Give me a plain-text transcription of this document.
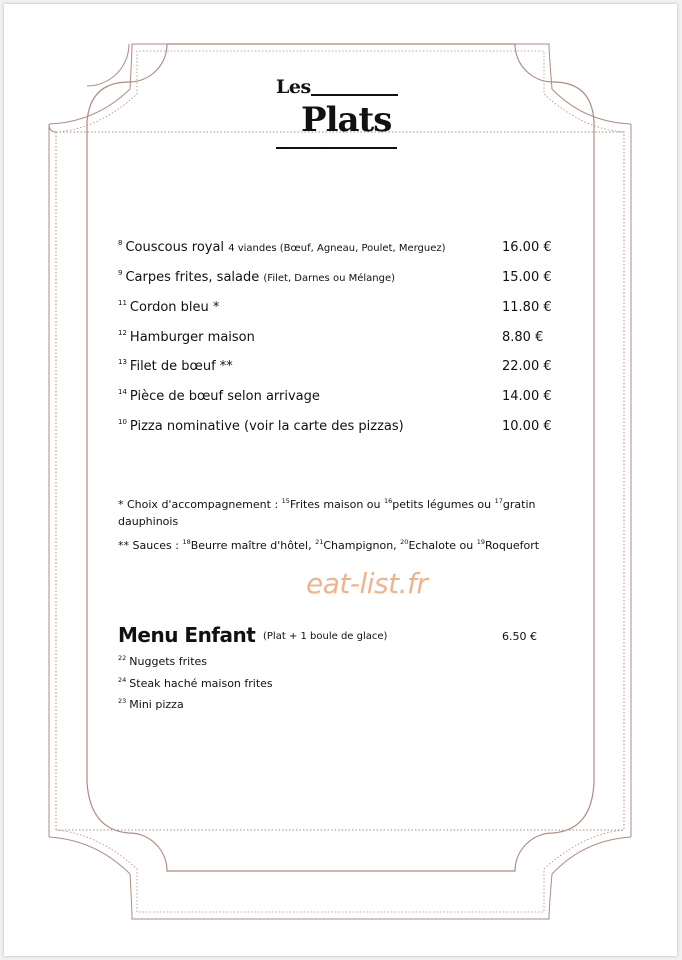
Les
Plats
$^8$ Couscous royal 4 viandes (Bœuf, Agneau, Poulet, Merguez)	16.00 €
$^9$ Carpes frites, salade (Filet, Darnes ou Mélange)	15.00 €
$^{11}$ Cordon bleu *	11.80 €
$^{12}$ Hamburger maison	8.80 €
$^{13}$ Filet de bœuf **	22.00 €
$^{14}$ Pièce de bœuf selon arrivage	14.00 €
$^{10}$ Pizza nominative (voir la carte des pizzas)	10.00 €
* Choix d'accompagnement : $^{15}$Frites maison ou $^{16}$petits légumes ou $^{17}$gratin dauphinois
** Sauces : $^{18}$Beurre maître d'hôtel, $^{21}$Champignon, $^{20}$Echalote ou $^{19}$Roquefort
eat-list.fr
Menu Enfant (Plat + 1 boule de glace)	6.50 €
$^{22}$ Nuggets frites
$^{24}$ Steak haché maison frites
$^{23}$ Mini pizza
